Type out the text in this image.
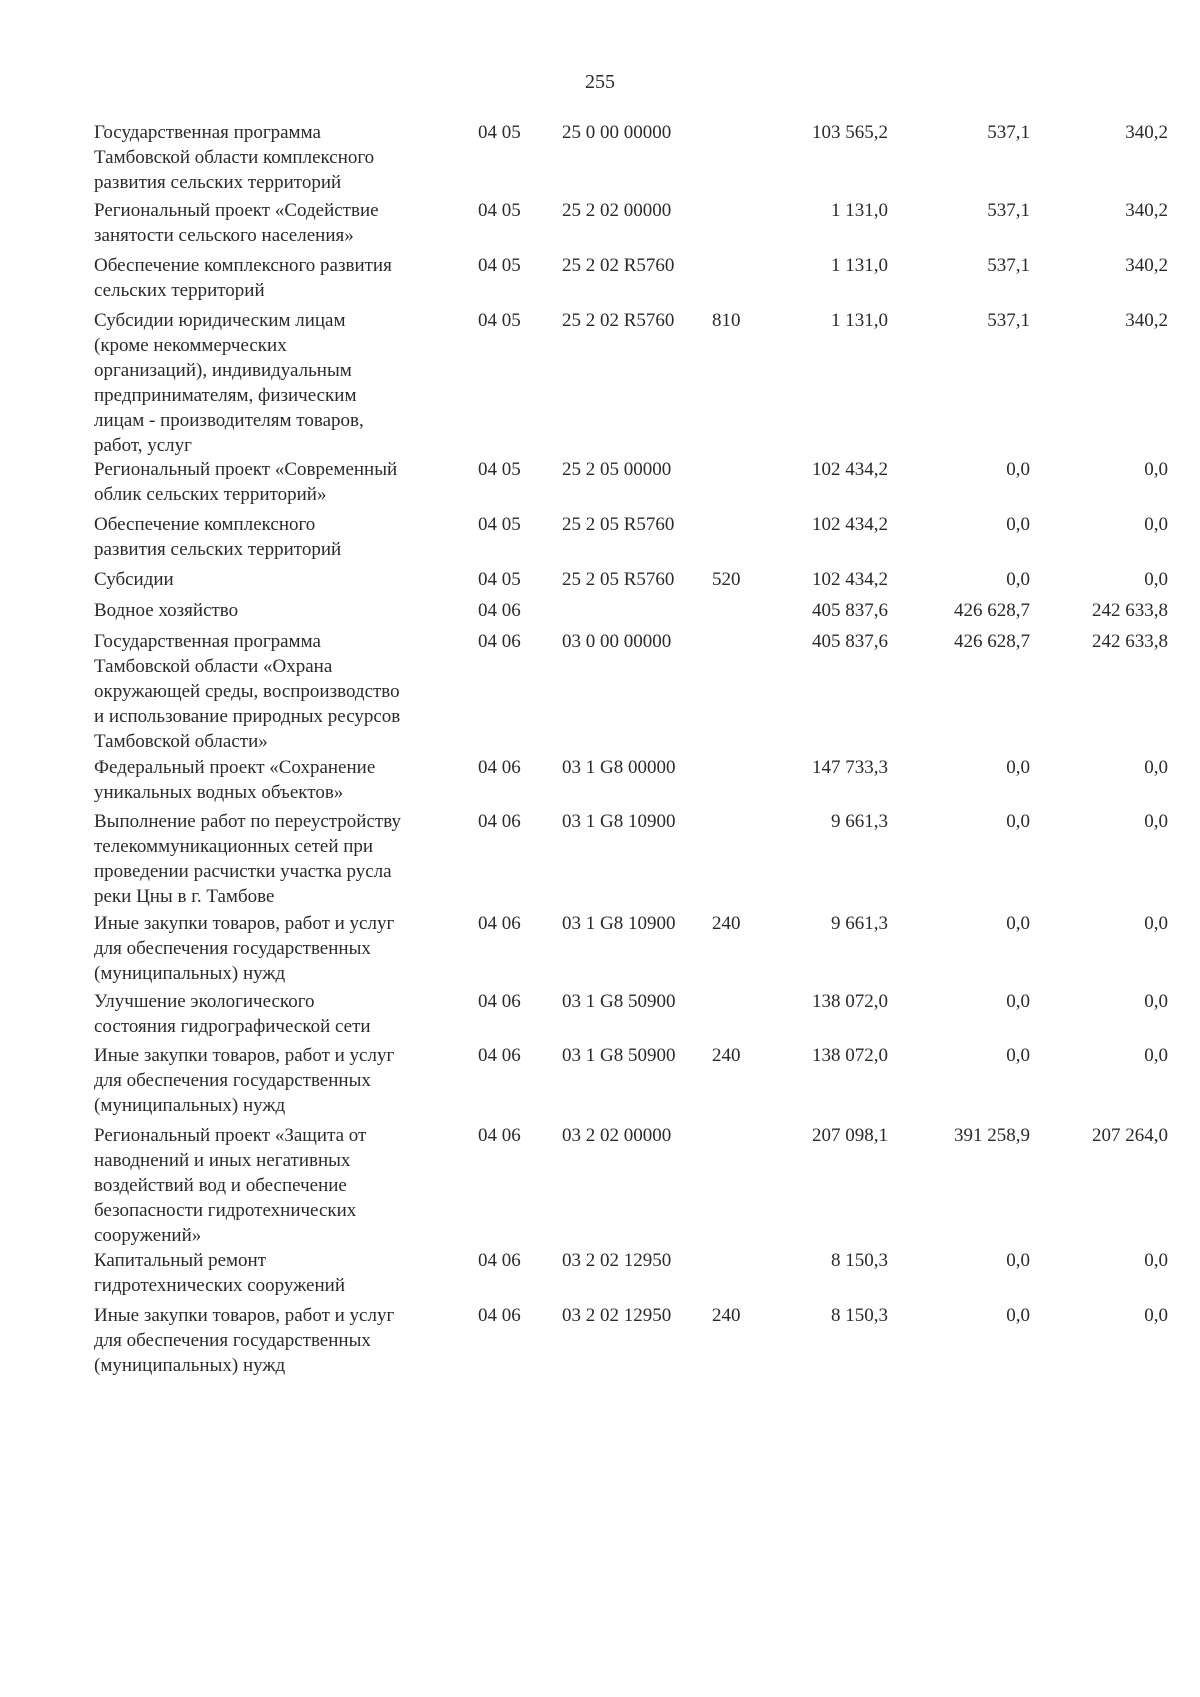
255
Государственная программа
Тамбовской области комплексного
развития сельских территорий
04 05	25 0 00 00000	103 565,2	537,1	340,2
Региональный проект «Содействие
занятости сельского населения»
04 05	25 2 02 00000	1 131,0	537,1	340,2
Обеспечение комплексного развития
сельских территорий
04 05	25 2 02 R5760	1 131,0	537,1	340,2
Субсидии юридическим лицам
(кроме некоммерческих
организаций), индивидуальным
предпринимателям, физическим
лицам - производителям товаров,
работ, услуг
04 05	25 2 02 R5760	810	1 131,0	537,1	340,2
Региональный проект «Современный
облик сельских территорий»
04 05	25 2 05 00000	102 434,2	0,0	0,0
Обеспечение комплексного
развития сельских территорий
04 05	25 2 05 R5760	102 434,2	0,0	0,0
Субсидии	04 05	25 2 05 R5760	520	102 434,2	0,0	0,0
Водное хозяйство	04 06	405 837,6	426 628,7	242 633,8
Государственная программа
Тамбовской области «Охрана
окружающей среды, воспроизводство
и использование природных ресурсов
Тамбовской области»
04 06	03 0 00 00000	405 837,6	426 628,7	242 633,8
Федеральный проект «Сохранение
уникальных водных объектов»
04 06	03 1 G8 00000	147 733,3	0,0	0,0
Выполнение работ по переустройству
телекоммуникационных сетей при
проведении расчистки участка русла
реки Цны в г. Тамбове
04 06	03 1 G8 10900	9 661,3	0,0	0,0
Иные закупки товаров, работ и услуг
для обеспечения государственных
(муниципальных) нужд
04 06	03 1 G8 10900	240	9 661,3	0,0	0,0
Улучшение экологического
состояния гидрографической сети
04 06	03 1 G8 50900	138 072,0	0,0	0,0
Иные закупки товаров, работ и услуг
для обеспечения государственных
(муниципальных) нужд
04 06	03 1 G8 50900	240	138 072,0	0,0	0,0
Региональный проект «Защита от
наводнений и иных негативных
воздействий вод и обеспечение
безопасности гидротехнических
сооружений»
04 06	03 2 02 00000	207 098,1	391 258,9	207 264,0
Капитальный ремонт
гидротехнических сооружений
04 06	03 2 02 12950	8 150,3	0,0	0,0
Иные закупки товаров, работ и услуг
для обеспечения государственных
(муниципальных) нужд
04 06	03 2 02 12950	240	8 150,3	0,0	0,0
